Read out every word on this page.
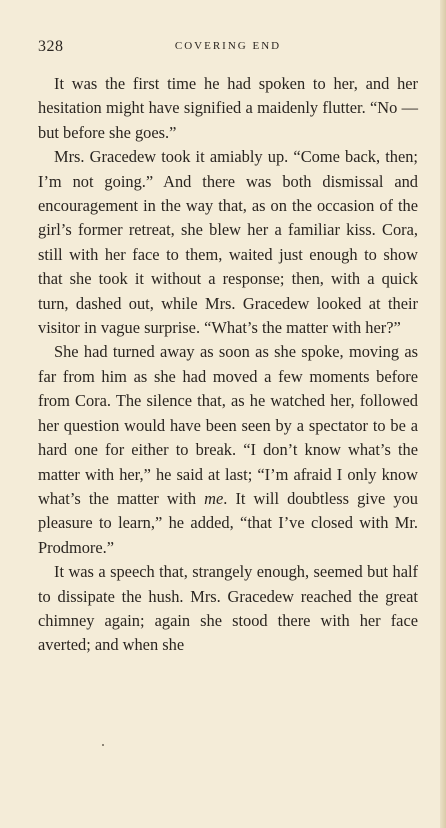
328	COVERING END

It was the first time he had spoken to her, and her hesitation might have signified a maidenly flutter. “No — but before she goes.”

Mrs. Gracedew took it amiably up. “Come back, then; I’m not going.” And there was both dismissal and encouragement in the way that, as on the occasion of the girl’s former retreat, she blew her a familiar kiss. Cora, still with her face to them, waited just enough to show that she took it without a response; then, with a quick turn, dashed out, while Mrs. Gracedew looked at their visitor in vague surprise. “What’s the matter with her?”

She had turned away as soon as she spoke, moving as far from him as she had moved a few moments before from Cora. The silence that, as he watched her, followed her question would have been seen by a spectator to be a hard one for either to break. “I don’t know what’s the matter with her,” he said at last; “I’m afraid I only know what’s the matter with me. It will doubtless give you pleasure to learn,” he added, “that I’ve closed with Mr. Prodmore.”

It was a speech that, strangely enough, seemed but half to dissipate the hush. Mrs. Gracedew reached the great chimney again; again she stood there with her face averted; and when she
